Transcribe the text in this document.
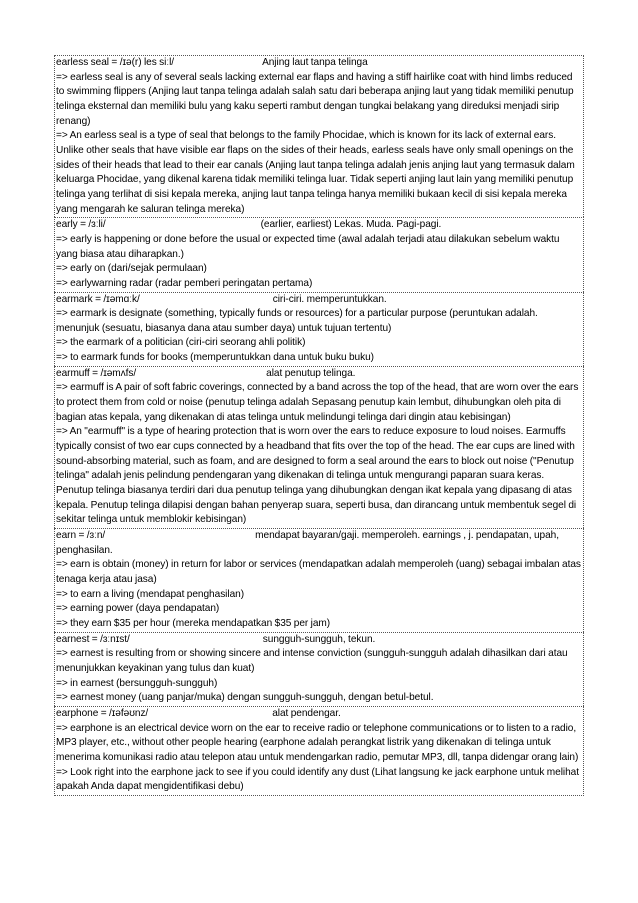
earless seal = /ɪə(r) les siːl/	Anjing laut tanpa telinga
=> earless seal is any of several seals lacking external ear flaps and having a stiff hairlike coat with hind limbs reduced to swimming flippers (Anjing laut tanpa telinga adalah salah satu dari beberapa anjing laut yang tidak memiliki penutup telinga eksternal dan memiliki bulu yang kaku seperti rambut dengan tungkai belakang yang direduksi menjadi sirip renang)
=> An earless seal is a type of seal that belongs to the family Phocidae, which is known for its lack of external ears. Unlike other seals that have visible ear flaps on the sides of their heads, earless seals have only small openings on the sides of their heads that lead to their ear canals (Anjing laut tanpa telinga adalah jenis anjing laut yang termasuk dalam keluarga Phocidae, yang dikenal karena tidak memiliki telinga luar. Tidak seperti anjing laut lain yang memiliki penutup telinga yang terlihat di sisi kepala mereka, anjing laut tanpa telinga hanya memiliki bukaan kecil di sisi kepala mereka yang mengarah ke saluran telinga mereka)
early = /ɜːli/	(earlier, earliest) Lekas. Muda. Pagi-pagi.
=> early is happening or done before the usual or expected time (awal adalah terjadi atau dilakukan sebelum waktu yang biasa atau diharapkan.)
=> early on (dari/sejak permulaan)
=> earlywarning radar (radar pemberi peringatan pertama)
earmark = /ɪəmɑːk/	ciri-ciri. memperuntukkan.
=> earmark is designate (something, typically funds or resources) for a particular purpose (peruntukan adalah. menunjuk (sesuatu, biasanya dana atau sumber daya) untuk tujuan tertentu)
=> the earmark of a politician (ciri-ciri seorang ahli politik)
=> to earmark funds for books (memperuntukkan dana untuk buku buku)
earmuff = /ɪəmʌfs/	alat penutup telinga.
=> earmuff is A pair of soft fabric coverings, connected by a band across the top of the head, that are worn over the ears to protect them from cold or noise (penutup telinga adalah Sepasang penutup kain lembut, dihubungkan oleh pita di bagian atas kepala, yang dikenakan di atas telinga untuk melindungi telinga dari dingin atau kebisingan)
=> An "earmuff" is a type of hearing protection that is worn over the ears to reduce exposure to loud noises. Earmuffs typically consist of two ear cups connected by a headband that fits over the top of the head. The ear cups are lined with sound-absorbing material, such as foam, and are designed to form a seal around the ears to block out noise ("Penutup telinga" adalah jenis pelindung pendengaran yang dikenakan di telinga untuk mengurangi paparan suara keras. Penutup telinga biasanya terdiri dari dua penutup telinga yang dihubungkan dengan ikat kepala yang dipasang di atas kepala. Penutup telinga dilapisi dengan bahan penyerap suara, seperti busa, dan dirancang untuk membentuk segel di sekitar telinga untuk memblokir kebisingan)
earn = /ɜːn/	mendapat bayaran/gaji. memperoleh. earnings , j. pendapatan, upah, penghasilan.
=> earn is obtain (money) in return for labor or services (mendapatkan adalah memperoleh (uang) sebagai imbalan atas tenaga kerja atau jasa)
=> to earn a living (mendapat penghasilan)
=> earning power (daya pendapatan)
=> they earn $35 per hour (mereka mendapatkan $35 per jam)
earnest = /ɜːnɪst/	sungguh-sungguh, tekun.
=> earnest is resulting from or showing sincere and intense conviction (sungguh-sungguh adalah dihasilkan dari atau menunjukkan keyakinan yang tulus dan kuat)
=> in earnest (bersungguh-sungguh)
=> earnest money (uang panjar/muka) dengan sungguh-sungguh, dengan betul-betul.
earphone = /ɪəfəʊnz/	alat pendengar.
=> earphone is an electrical device worn on the ear to receive radio or telephone communications or to listen to a radio, MP3 player, etc., without other people hearing (earphone adalah perangkat listrik yang dikenakan di telinga untuk menerima komunikasi radio atau telepon atau untuk mendengarkan radio, pemutar MP3, dll, tanpa didengar orang lain)
=> Look right into the earphone jack to see if you could identify any dust (Lihat langsung ke jack earphone untuk melihat apakah Anda dapat mengidentifikasi debu)
